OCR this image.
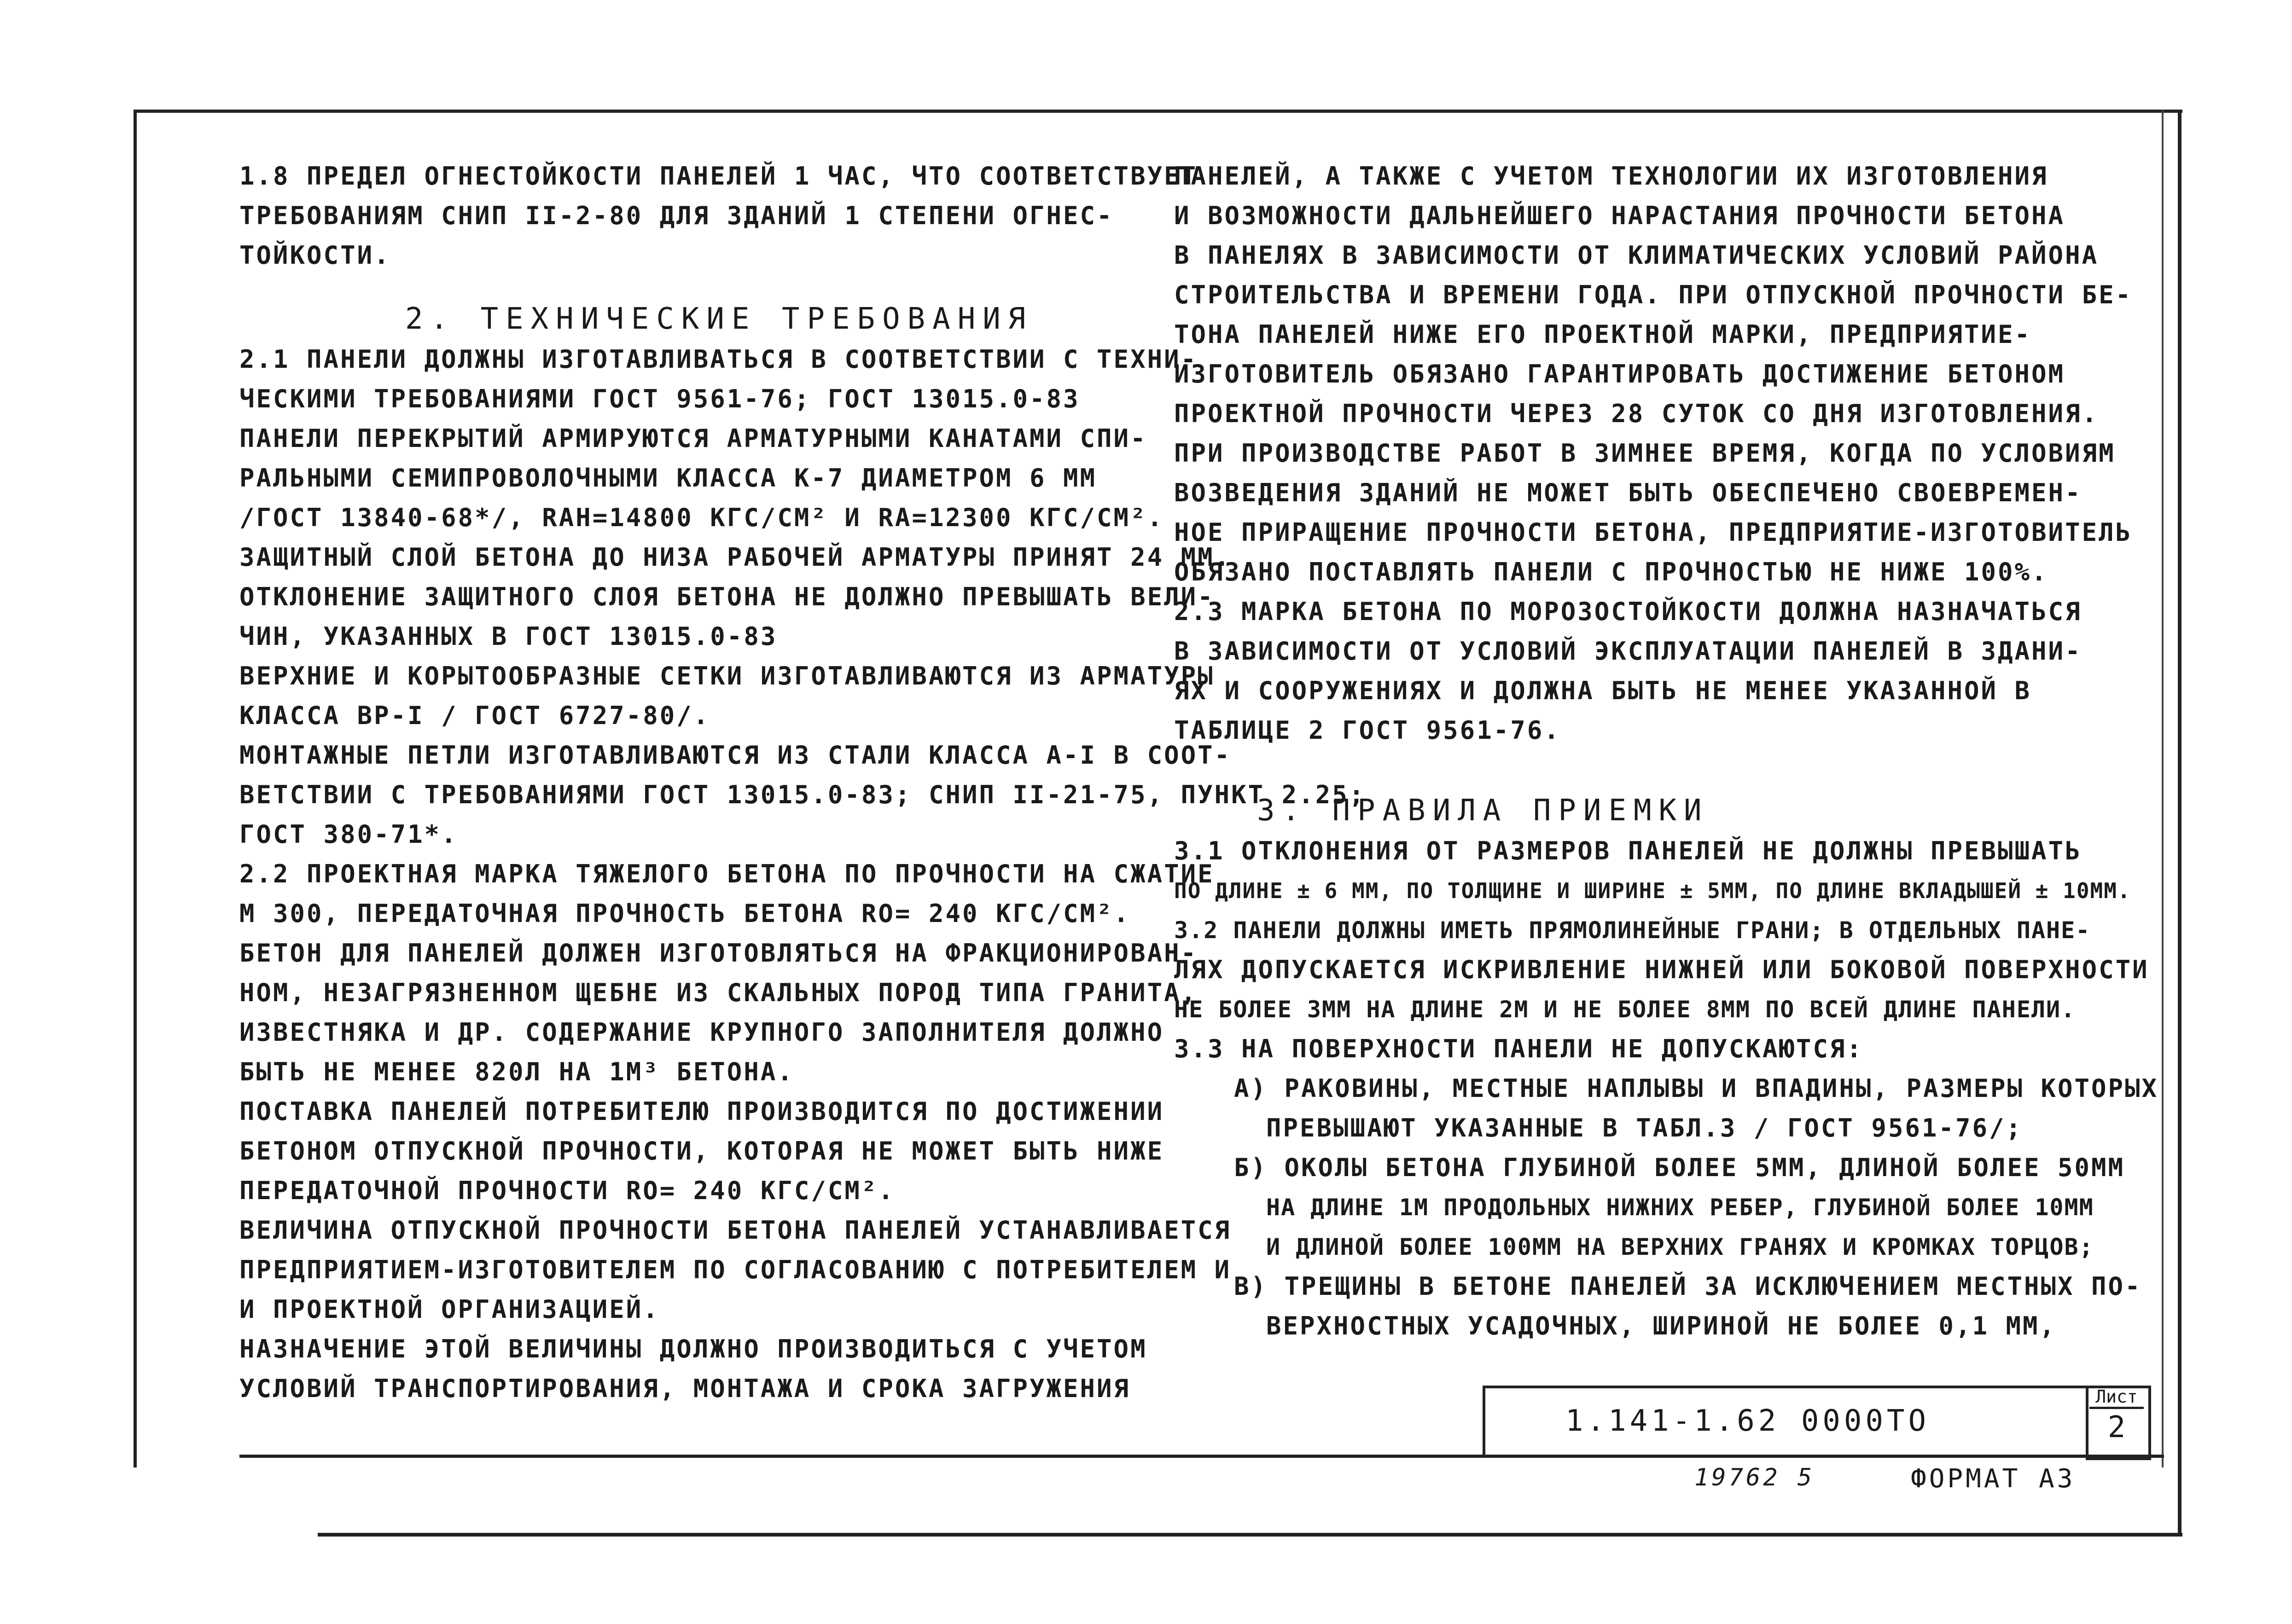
1.8 ПРЕДЕЛ ОГНЕСТОЙКОСТИ ПАНЕЛЕЙ 1 ЧАС, ЧТО СООТВЕТСТВУЕТ
ТРЕБОВАНИЯМ СНИП II-2-80 ДЛЯ ЗДАНИЙ 1 СТЕПЕНИ ОГНЕС-
ТОЙКОСТИ.
2. ТЕХНИЧЕСКИЕ ТРЕБОВАНИЯ
2.1 ПАНЕЛИ ДОЛЖНЫ ИЗГОТАВЛИВАТЬСЯ В СООТВЕТСТВИИ С ТЕХНИ-
ЧЕСКИМИ ТРЕБОВАНИЯМИ ГОСТ 9561-76; ГОСТ 13015.0-83
ПАНЕЛИ ПЕРЕКРЫТИЙ АРМИРУЮТСЯ АРМАТУРНЫМИ КАНАТАМИ СПИ-
РАЛЬНЫМИ СЕМИПРОВОЛОЧНЫМИ КЛАССА К-7 ДИАМЕТРОМ 6 ММ
/ГОСТ 13840-68*/, RAН=14800 КГС/СМ² И RA=12300 КГС/СМ².
ЗАЩИТНЫЙ СЛОЙ БЕТОНА ДО НИЗА РАБОЧЕЙ АРМАТУРЫ ПРИНЯТ 24 ММ.
ОТКЛОНЕНИЕ ЗАЩИТНОГО СЛОЯ БЕТОНА НЕ ДОЛЖНО ПРЕВЫШАТЬ ВЕЛИ-
ЧИН, УКАЗАННЫХ В ГОСТ 13015.0-83
ВЕРХНИЕ И КОРЫТООБРАЗНЫЕ СЕТКИ ИЗГОТАВЛИВАЮТСЯ ИЗ АРМАТУРЫ
КЛАССА ВР-I / ГОСТ 6727-80/.
МОНТАЖНЫЕ ПЕТЛИ ИЗГОТАВЛИВАЮТСЯ ИЗ СТАЛИ КЛАССА А-I В СООТ-
ВЕТСТВИИ С ТРЕБОВАНИЯМИ ГОСТ 13015.0-83; СНИП II-21-75, ПУНКТ 2.25;
ГОСТ 380-71*.
2.2 ПРОЕКТНАЯ МАРКА ТЯЖЕЛОГО БЕТОНА ПО ПРОЧНОСТИ НА СЖАТИЕ
М 300, ПЕРЕДАТОЧНАЯ ПРОЧНОСТЬ БЕТОНА RO= 240 КГС/СМ².
БЕТОН ДЛЯ ПАНЕЛЕЙ ДОЛЖЕН ИЗГОТОВЛЯТЬСЯ НА ФРАКЦИОНИРОВАН-
НОМ, НЕЗАГРЯЗНЕННОМ ЩЕБНЕ ИЗ СКАЛЬНЫХ ПОРОД ТИПА ГРАНИТА,
ИЗВЕСТНЯКА И ДР. СОДЕРЖАНИЕ КРУПНОГО ЗАПОЛНИТЕЛЯ ДОЛЖНО
БЫТЬ НЕ МЕНЕЕ 820Л НА 1М³ БЕТОНА.
ПОСТАВКА ПАНЕЛЕЙ ПОТРЕБИТЕЛЮ ПРОИЗВОДИТСЯ ПО ДОСТИЖЕНИИ
БЕТОНОМ ОТПУСКНОЙ ПРОЧНОСТИ, КОТОРАЯ НЕ МОЖЕТ БЫТЬ НИЖЕ
ПЕРЕДАТОЧНОЙ ПРОЧНОСТИ RO= 240 КГС/СМ².
ВЕЛИЧИНА ОТПУСКНОЙ ПРОЧНОСТИ БЕТОНА ПАНЕЛЕЙ УСТАНАВЛИВАЕТСЯ
ПРЕДПРИЯТИЕМ-ИЗГОТОВИТЕЛЕМ ПО СОГЛАСОВАНИЮ С ПОТРЕБИТЕЛЕМ И
И ПРОЕКТНОЙ ОРГАНИЗАЦИЕЙ.
НАЗНАЧЕНИЕ ЭТОЙ ВЕЛИЧИНЫ ДОЛЖНО ПРОИЗВОДИТЬСЯ С УЧЕТОМ
УСЛОВИЙ ТРАНСПОРТИРОВАНИЯ, МОНТАЖА И СРОКА ЗАГРУЖЕНИЯ
ПАНЕЛЕЙ, А ТАКЖЕ С УЧЕТОМ ТЕХНОЛОГИИ ИХ ИЗГОТОВЛЕНИЯ
И ВОЗМОЖНОСТИ ДАЛЬНЕЙШЕГО НАРАСТАНИЯ ПРОЧНОСТИ БЕТОНА
В ПАНЕЛЯХ В ЗАВИСИМОСТИ ОТ КЛИМАТИЧЕСКИХ УСЛОВИЙ РАЙОНА
СТРОИТЕЛЬСТВА И ВРЕМЕНИ ГОДА. ПРИ ОТПУСКНОЙ ПРОЧНОСТИ БЕ-
ТОНА ПАНЕЛЕЙ НИЖЕ ЕГО ПРОЕКТНОЙ МАРКИ, ПРЕДПРИЯТИЕ-
ИЗГОТОВИТЕЛЬ ОБЯЗАНО ГАРАНТИРОВАТЬ ДОСТИЖЕНИЕ БЕТОНОМ
ПРОЕКТНОЙ ПРОЧНОСТИ ЧЕРЕЗ 28 СУТОК СО ДНЯ ИЗГОТОВЛЕНИЯ.
ПРИ ПРОИЗВОДСТВЕ РАБОТ В ЗИМНЕЕ ВРЕМЯ, КОГДА ПО УСЛОВИЯМ
ВОЗВЕДЕНИЯ ЗДАНИЙ НЕ МОЖЕТ БЫТЬ ОБЕСПЕЧЕНО СВОЕВРЕМЕН-
НОЕ ПРИРАЩЕНИЕ ПРОЧНОСТИ БЕТОНА, ПРЕДПРИЯТИЕ-ИЗГОТОВИТЕЛЬ
ОБЯЗАНО ПОСТАВЛЯТЬ ПАНЕЛИ С ПРОЧНОСТЬЮ НЕ НИЖЕ 100%.
2.3 МАРКА БЕТОНА ПО МОРОЗОСТОЙКОСТИ ДОЛЖНА НАЗНАЧАТЬСЯ
В ЗАВИСИМОСТИ ОТ УСЛОВИЙ ЭКСПЛУАТАЦИИ ПАНЕЛЕЙ В ЗДАНИ-
ЯХ И СООРУЖЕНИЯХ И ДОЛЖНА БЫТЬ НЕ МЕНЕЕ УКАЗАННОЙ В
ТАБЛИЦЕ 2 ГОСТ 9561-76.
3. ПРАВИЛА ПРИЕМКИ
3.1 ОТКЛОНЕНИЯ ОТ РАЗМЕРОВ ПАНЕЛЕЙ НЕ ДОЛЖНЫ ПРЕВЫШАТЬ
ПО ДЛИНЕ ± 6 ММ, ПО ТОЛЩИНЕ И ШИРИНЕ ± 5ММ, ПО ДЛИНЕ ВКЛАДЫШЕЙ ± 10ММ.
3.2 ПАНЕЛИ ДОЛЖНЫ ИМЕТЬ ПРЯМОЛИНЕЙНЫЕ ГРАНИ; В ОТДЕЛЬНЫХ ПАНЕ-
ЛЯХ ДОПУСКАЕТСЯ ИСКРИВЛЕНИЕ НИЖНЕЙ ИЛИ БОКОВОЙ ПОВЕРХНОСТИ
НЕ БОЛЕЕ 3ММ НА ДЛИНЕ 2М И НЕ БОЛЕЕ 8ММ ПО ВСЕЙ ДЛИНЕ ПАНЕЛИ.
3.3 НА ПОВЕРХНОСТИ ПАНЕЛИ НЕ ДОПУСКАЮТСЯ:
А) РАКОВИНЫ, МЕСТНЫЕ НАПЛЫВЫ И ВПАДИНЫ, РАЗМЕРЫ КОТОРЫХ
ПРЕВЫШАЮТ УКАЗАННЫЕ В ТАБЛ.3 / ГОСТ 9561-76/;
Б) ОКОЛЫ БЕТОНА ГЛУБИНОЙ БОЛЕЕ 5ММ, ДЛИНОЙ БОЛЕЕ 50ММ
НА ДЛИНЕ 1М ПРОДОЛЬНЫХ НИЖНИХ РЕБЕР, ГЛУБИНОЙ БОЛЕЕ 10ММ
И ДЛИНОЙ БОЛЕЕ 100ММ НА ВЕРХНИХ ГРАНЯХ И КРОМКАХ ТОРЦОВ;
В) ТРЕЩИНЫ В БЕТОНЕ ПАНЕЛЕЙ ЗА ИСКЛЮЧЕНИЕМ МЕСТНЫХ ПО-
ВЕРХНОСТНЫХ УСАДОЧНЫХ, ШИРИНОЙ НЕ БОЛЕЕ 0,1 ММ,
1.141-1.62 0000ТО
Лист
2
19762 5	ФОРМАТ А3
